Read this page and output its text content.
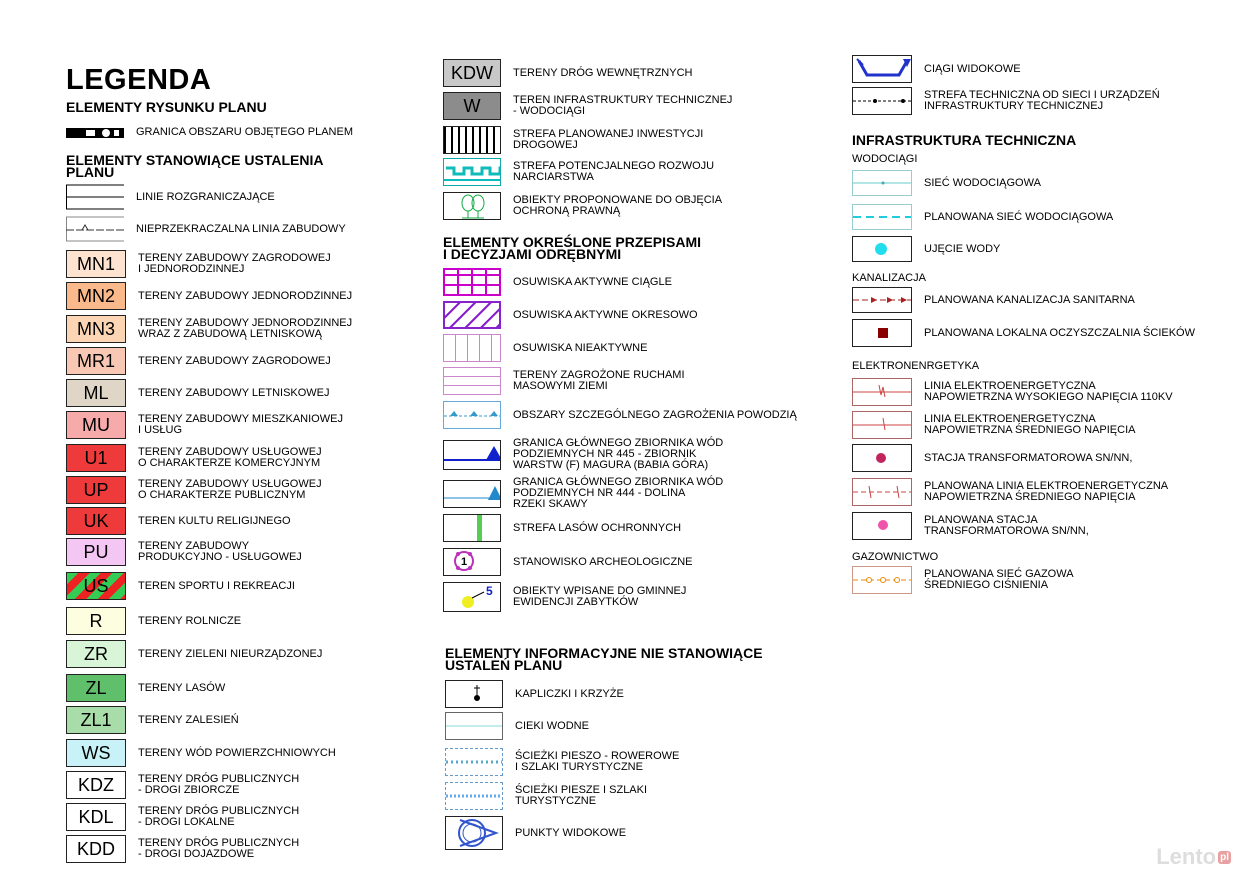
LEGENDA
ELEMENTY RYSUNKU PLANU
GRANICA OBSZARU OBJĘTEGO PLANEM
ELEMENTY STANOWIĄCE USTALENIA
PLANU
LINIE ROZGRANICZAJĄCE
NIEPRZEKRACZALNA LINIA ZABUDOWY
MN1	TERENY ZABUDOWY ZAGRODOWEJ
I JEDNORODZINNEJ
MN2	TERENY ZABUDOWY JEDNORODZINNEJ
MN3	TERENY ZABUDOWY JEDNORODZINNEJ
WRAZ Z ZABUDOWĄ LETNISKOWĄ
MR1	TERENY ZABUDOWY ZAGRODOWEJ
ML	TERENY ZABUDOWY LETNISKOWEJ
MU	TERENY ZABUDOWY MIESZKANIOWEJ
I USŁUG
U1	TERENY ZABUDOWY USŁUGOWEJ
O CHARAKTERZE KOMERCYJNYM
UP	TERENY ZABUDOWY USŁUGOWEJ
O CHARAKTERZE PUBLICZNYM
UK	TEREN KULTU RELIGIJNEGO
PU	TERENY ZABUDOWY
PRODUKCYJNO - USŁUGOWEJ
US	TEREN SPORTU I REKREACJI
R	TERENY ROLNICZE
ZR	TERENY ZIELENI NIEURZĄDZONEJ
ZL	TERENY LASÓW
ZL1	TERENY ZALESIEŃ
WS	TERENY WÓD POWIERZCHNIOWYCH
KDZ	TERENY DRÓG PUBLICZNYCH
- DROGI ZBIORCZE
KDL	TERENY DRÓG PUBLICZNYCH
- DROGI LOKALNE
KDD	TERENY DRÓG PUBLICZNYCH
- DROGI DOJAZDOWE
KDW	TERENY DRÓG WEWNĘTRZNYCH
W	TEREN INFRASTRUKTURY TECHNICZNEJ
- WODOCIĄGI
STREFA PLANOWANEJ INWESTYCJI
DROGOWEJ
STREFA POTENCJALNEGO ROZWOJU
NARCIARSTWA
OBIEKTY PROPONOWANE DO OBJĘCIA
OCHRONĄ PRAWNĄ
ELEMENTY OKREŚLONE PRZEPISAMI
I DECYZJAMI ODRĘBNYMI
OSUWISKA AKTYWNE CIĄGLE
OSUWISKA AKTYWNE OKRESOWO
OSUWISKA NIEAKTYWNE
TERENY ZAGROŻONE RUCHAMI
MASOWYMI ZIEMI
OBSZARY SZCZEGÓLNEGO ZAGROŻENIA POWODZIĄ
GRANICA GŁÓWNEGO ZBIORNIKA WÓD
PODZIEMNYCH NR 445 - ZBIORNIK
WARSTW (F) MAGURA (BABIA GÓRA)
GRANICA GŁÓWNEGO ZBIORNIKA WÓD
PODZIEMNYCH NR 444 - DOLINA
RZEKI SKAWY
STREFA LASÓW OCHRONNYCH
1	STANOWISKO ARCHEOLOGICZNE
5 OBIEKTY WPISANE DO GMINNEJ
EWIDENCJI ZABYTKÓW
ELEMENTY INFORMACYJNE NIE STANOWIĄCE
USTALEŃ PLANU
KAPLICZKI I KRZYŻE
CIEKI WODNE
ŚCIEŻKI PIESZO - ROWEROWE
I SZLAKI TURYSTYCZNE
ŚCIEŻKI PIESZE I SZLAKI
TURYSTYCZNE
PUNKTY WIDOKOWE
CIĄGI WIDOKOWE
STREFA TECHNICZNA OD SIECI I URZĄDZEŃ
INFRASTRUKTURY TECHNICZNEJ
INFRASTRUKTURA TECHNICZNA
WODOCIĄGI
SIEĆ WODOCIĄGOWA
PLANOWANA SIEĆ WODOCIĄGOWA
UJĘCIE WODY
KANALIZACJA
PLANOWANA KANALIZACJA SANITARNA
PLANOWANA LOKALNA OCZYSZCZALNIA ŚCIEKÓW
ELEKTRONENRGETYKA
LINIA ELEKTROENERGETYCZNA
NAPOWIETRZNA WYSOKIEGO NAPIĘCIA 110KV
LINIA ELEKTROENERGETYCZNA
NAPOWIETRZNA ŚREDNIEGO NAPIĘCIA
STACJA TRANSFORMATOROWA SN/NN,
PLANOWANA LINIA ELEKTROENERGETYCZNA
NAPOWIETRZNA ŚREDNIEGO NAPIĘCIA
PLANOWANA STACJA
TRANSFORMATOROWA SN/NN,
GAZOWNICTWO
PLANOWANA SIEĆ GAZOWA
ŚREDNIEGO CIŚNIENIA
Lento pl
